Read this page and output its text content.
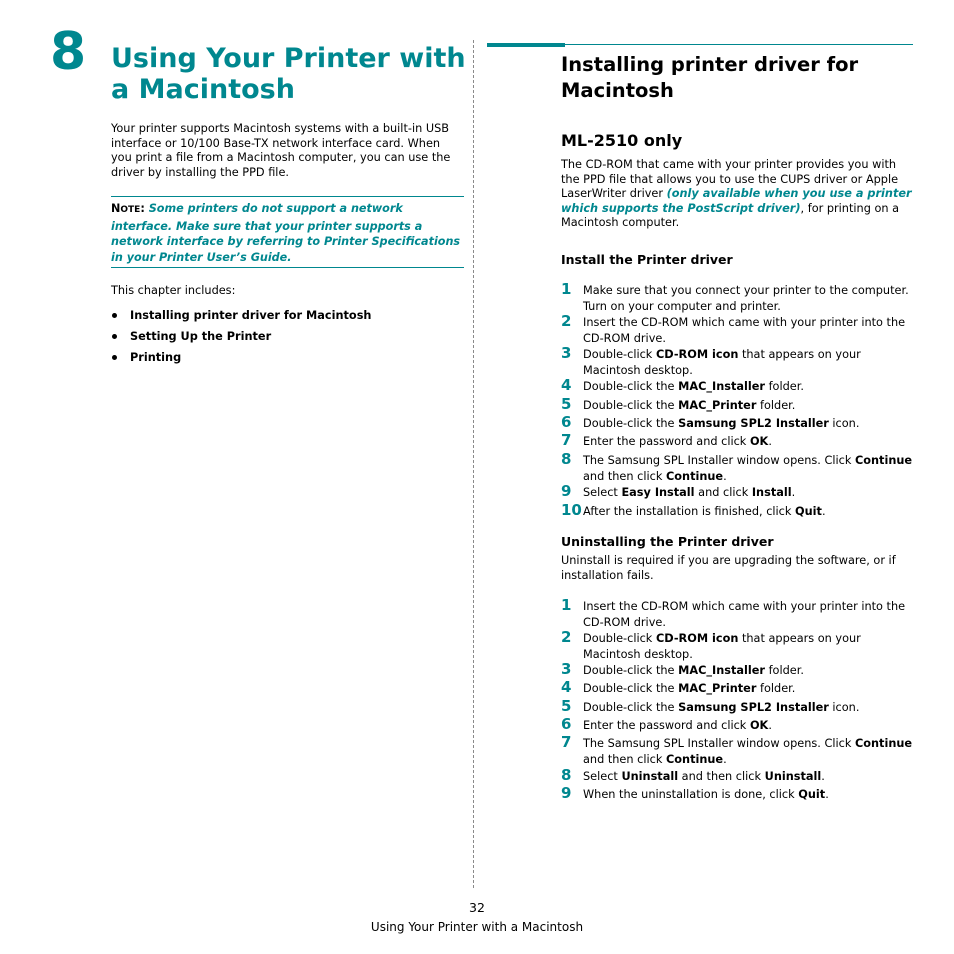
8 Using Your Printer with a Macintosh
Your printer supports Macintosh systems with a built-in USB interface or 10/100 Base-TX network interface card. When you print a file from a Macintosh computer, you can use the driver by installing the PPD file.
NOTE: Some printers do not support a network interface. Make sure that your printer supports a network interface by referring to Printer Specifications in your Printer User’s Guide.
This chapter includes:
Installing printer driver for Macintosh
Setting Up the Printer
Printing
Installing printer driver for Macintosh
ML-2510 only
The CD-ROM that came with your printer provides you with the PPD file that allows you to use the CUPS driver or Apple LaserWriter driver (only available when you use a printer which supports the PostScript driver), for printing on a Macintosh computer.
Install the Printer driver
1 Make sure that you connect your printer to the computer. Turn on your computer and printer.
2 Insert the CD-ROM which came with your printer into the CD-ROM drive.
3 Double-click CD-ROM icon that appears on your Macintosh desktop.
4 Double-click the MAC_Installer folder.
5 Double-click the MAC_Printer folder.
6 Double-click the Samsung SPL2 Installer icon.
7 Enter the password and click OK.
8 The Samsung SPL Installer window opens. Click Continue and then click Continue.
9 Select Easy Install and click Install.
10 After the installation is finished, click Quit.
Uninstalling the Printer driver
Uninstall is required if you are upgrading the software, or if installation fails.
1 Insert the CD-ROM which came with your printer into the CD-ROM drive.
2 Double-click CD-ROM icon that appears on your Macintosh desktop.
3 Double-click the MAC_Installer folder.
4 Double-click the MAC_Printer folder.
5 Double-click the Samsung SPL2 Installer icon.
6 Enter the password and click OK.
7 The Samsung SPL Installer window opens. Click Continue and then click Continue.
8 Select Uninstall and then click Uninstall.
9 When the uninstallation is done, click Quit.
32
Using Your Printer with a Macintosh
